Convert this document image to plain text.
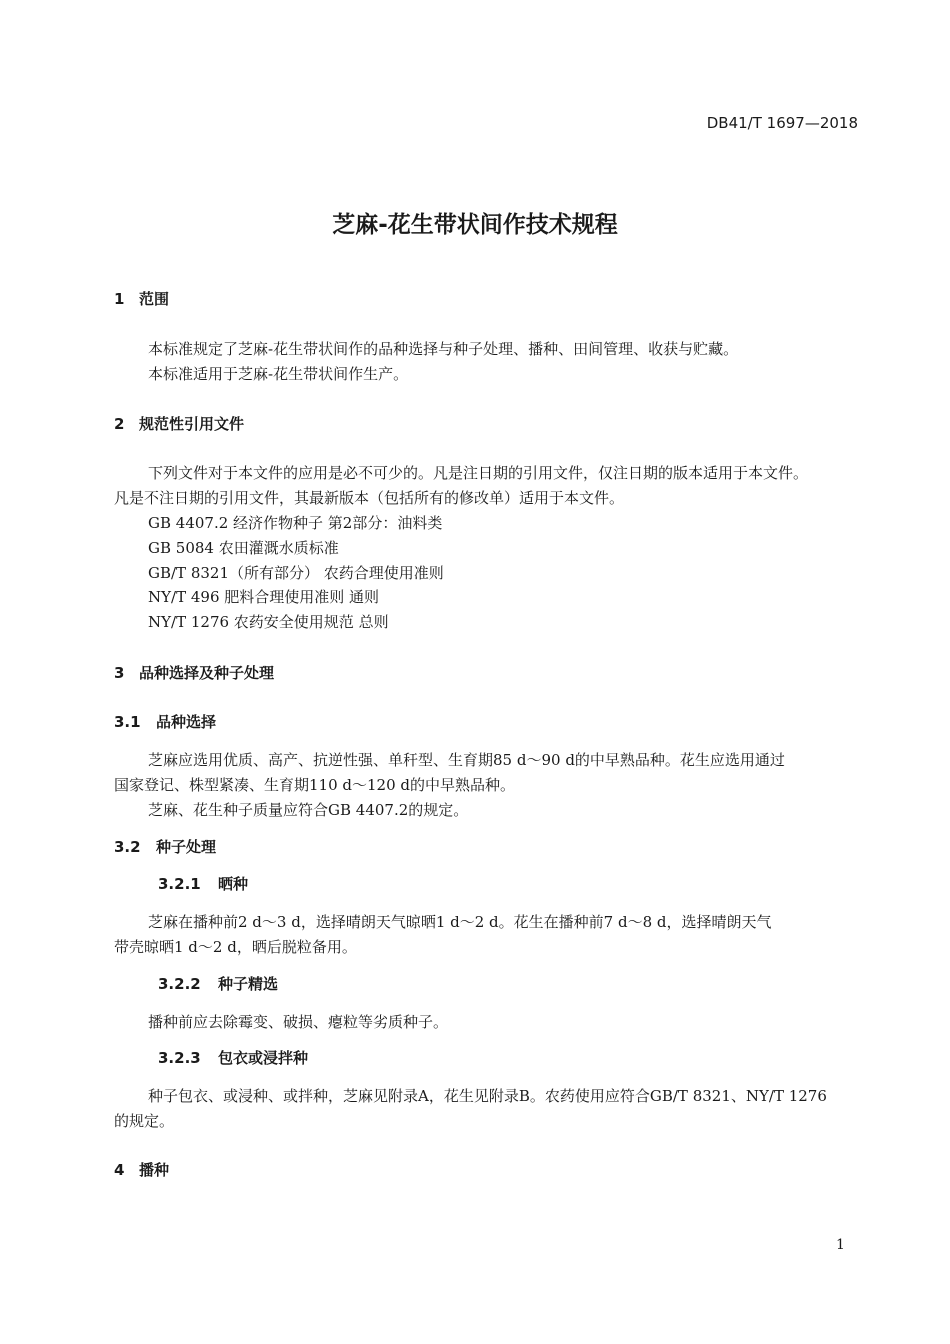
DB41/T 1697—2018
芝麻-花生带状间作技术规程
1 范围
本标准规定了芝麻-花生带状间作的品种选择与种子处理、播种、田间管理、收获与贮藏。
本标准适用于芝麻-花生带状间作生产。
2 规范性引用文件
下列文件对于本文件的应用是必不可少的。凡是注日期的引用文件，仅注日期的版本适用于本文件。
凡是不注日期的引用文件，其最新版本（包括所有的修改单）适用于本文件。
GB 4407.2 经济作物种子 第2部分：油料类
GB 5084 农田灌溉水质标准
GB/T 8321（所有部分） 农药合理使用准则
NY/T 496 肥料合理使用准则 通则
NY/T 1276 农药安全使用规范 总则
3 品种选择及种子处理
3.1 品种选择
芝麻应选用优质、高产、抗逆性强、单秆型、生育期85 d～90 d的中早熟品种。花生应选用通过
国家登记、株型紧凑、生育期110 d～120 d的中早熟品种。
芝麻、花生种子质量应符合GB 4407.2的规定。
3.2 种子处理
3.2.1 晒种
芝麻在播种前2 d～3 d，选择晴朗天气晾晒1 d～2 d。花生在播种前7 d～8 d，选择晴朗天气
带壳晾晒1 d～2 d，晒后脱粒备用。
3.2.2 种子精选
播种前应去除霉变、破损、瘪粒等劣质种子。
3.2.3 包衣或浸拌种
种子包衣、或浸种、或拌种，芝麻见附录A，花生见附录B。农药使用应符合GB/T 8321、NY/T 1276
的规定。
4 播种
1
